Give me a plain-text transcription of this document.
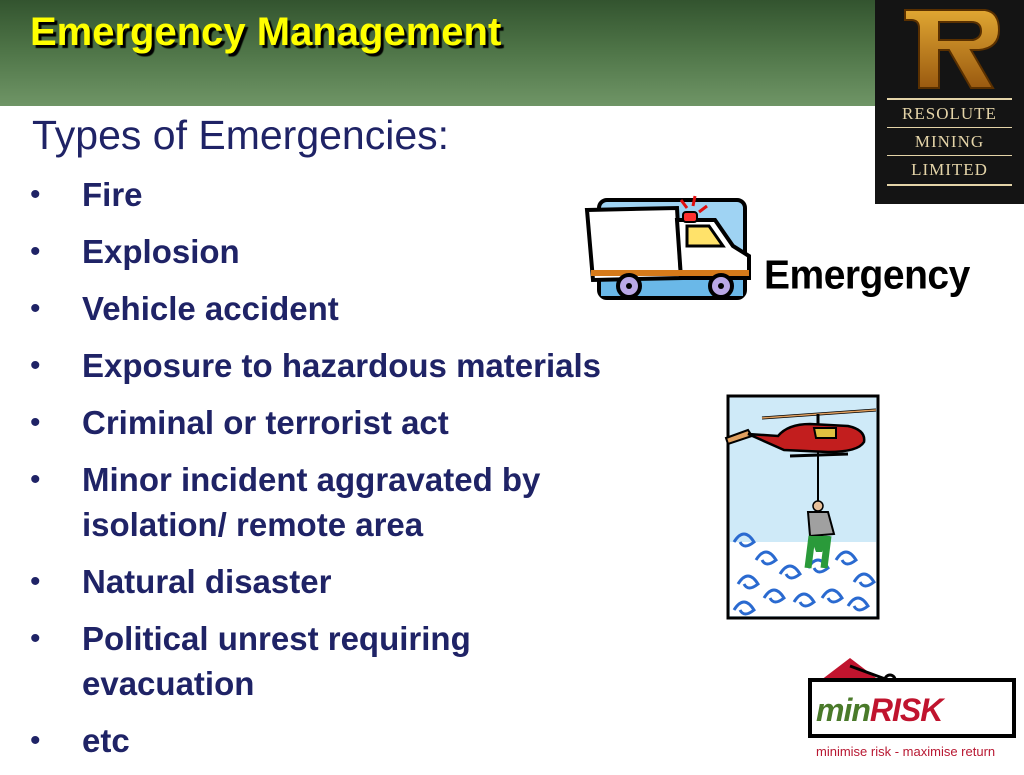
Emergency Management
Types of Emergencies:
• Fire
• Explosion
• Vehicle accident
• Exposure to hazardous materials
• Criminal or terrorist act
• Minor incident aggravated by isolation/ remote area
• Natural disaster
• Political unrest requiring evacuation
• etc
RESOLUTE
MINING
LIMITED
Emergency
minRISK
minimise risk - maximise return
